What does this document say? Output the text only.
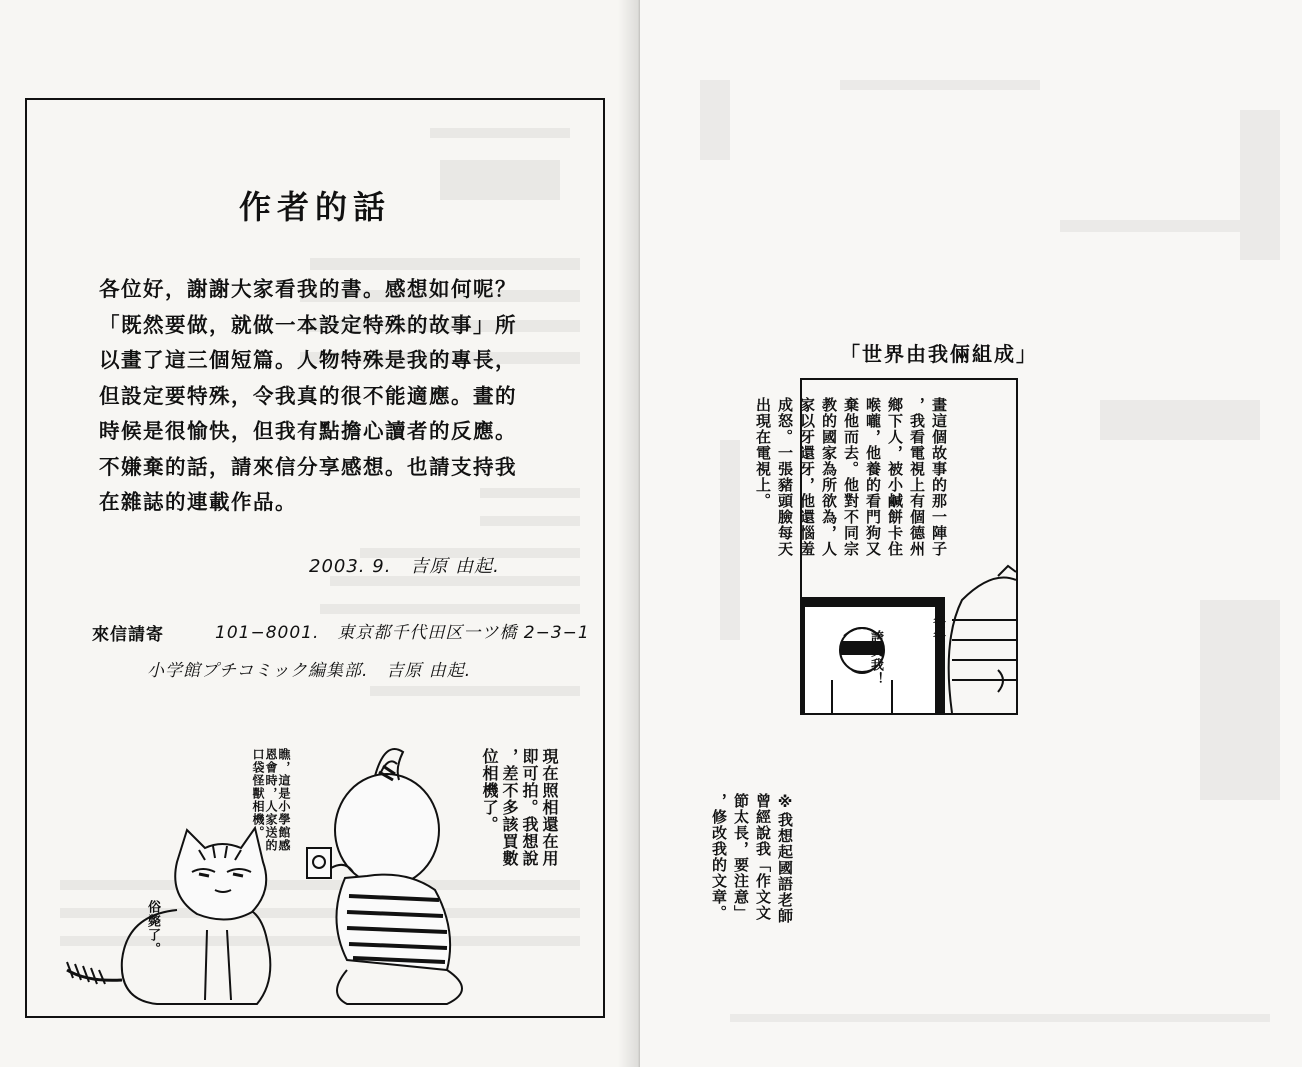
作者的話
各位好，謝謝大家看我的書。感想如何呢？
「既然要做，就做一本設定特殊的故事」所
以畫了這三個短篇。人物特殊是我的專長，
但設定要特殊，令我真的很不能適應。畫的
時候是很愉快，但我有點擔心讀者的反應。
不嫌棄的話，請來信分享感想。也請支持我
在雜誌的連載作品。
2003. 9.　吉原 由起.
來信請寄	101−8001.　東京都千代田区一ツ橋 2−3−1
小学館プチコミック編集部.　吉原 由起.
瞧，這是小學館感
恩會時，人家送的
口袋怪獸相機。	現在照相還在用
即可拍。我想說
，差不多該買數
位相機了。
俗斃了。
「世界由我倆組成」
爸爸！
誇獎我！
畫這個故事的那一陣子
，我看電視上有個德州
鄉下人，被小鹹餅卡住
喉嚨，他養的看門狗又
棄他而去。他對不同宗
教的國家為所欲為，人
家以牙還牙，他還惱羞
成怒。一張豬頭臉每天
出現在電視上。
※我想起國語老師
曾經說我「作文文
節太長，要注意」
，修改我的文章。
